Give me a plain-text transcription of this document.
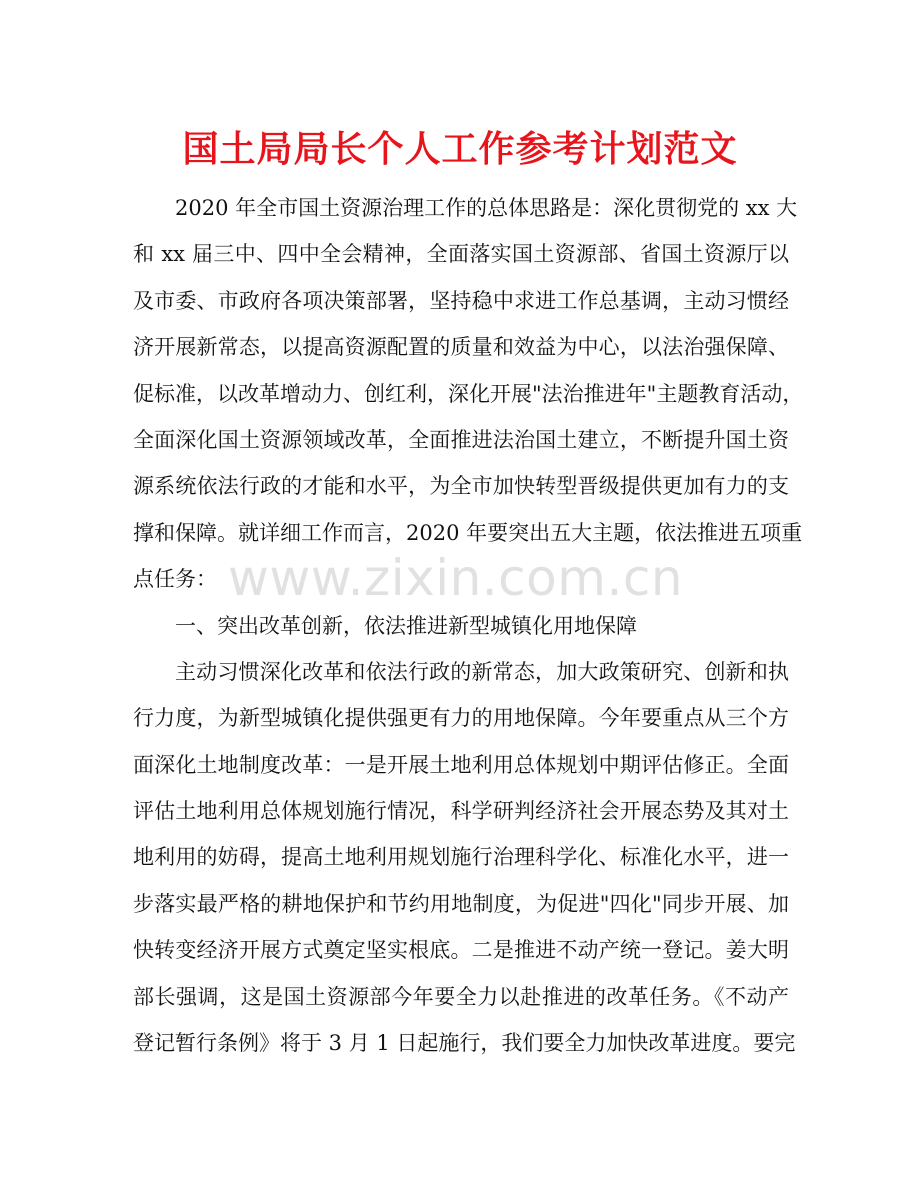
国土局局长个人工作参考计划范文
2020 年全市国土资源治理工作的总体思路是：深化贯彻党的 xx 大
和 xx 届三中、四中全会精神，全面落实国土资源部、省国土资源厅以
及市委、市政府各项决策部署，坚持稳中求进工作总基调，主动习惯经
济开展新常态，以提高资源配置的质量和效益为中心，以法治强保障、
促标准，以改革增动力、创红利，深化开展"法治推进年"主题教育活动，
全面深化国土资源领域改革，全面推进法治国土建立，不断提升国土资
源系统依法行政的才能和水平，为全市加快转型晋级提供更加有力的支
撑和保障。就详细工作而言，2020 年要突出五大主题，依法推进五项重
点任务：
一、突出改革创新，依法推进新型城镇化用地保障
主动习惯深化改革和依法行政的新常态，加大政策研究、创新和执
行力度，为新型城镇化提供强更有力的用地保障。今年要重点从三个方
面深化土地制度改革：一是开展土地利用总体规划中期评估修正。全面
评估土地利用总体规划施行情况，科学研判经济社会开展态势及其对土
地利用的妨碍，提高土地利用规划施行治理科学化、标准化水平，进一
步落实最严格的耕地保护和节约用地制度，为促进"四化"同步开展、加
快转变经济开展方式奠定坚实根底。二是推进不动产统一登记。姜大明
部长强调，这是国土资源部今年要全力以赴推进的改革任务。《不动产
登记暂行条例》将于 3 月 1 日起施行，我们要全力加快改革进度。要完
www.zixin.com.cn
